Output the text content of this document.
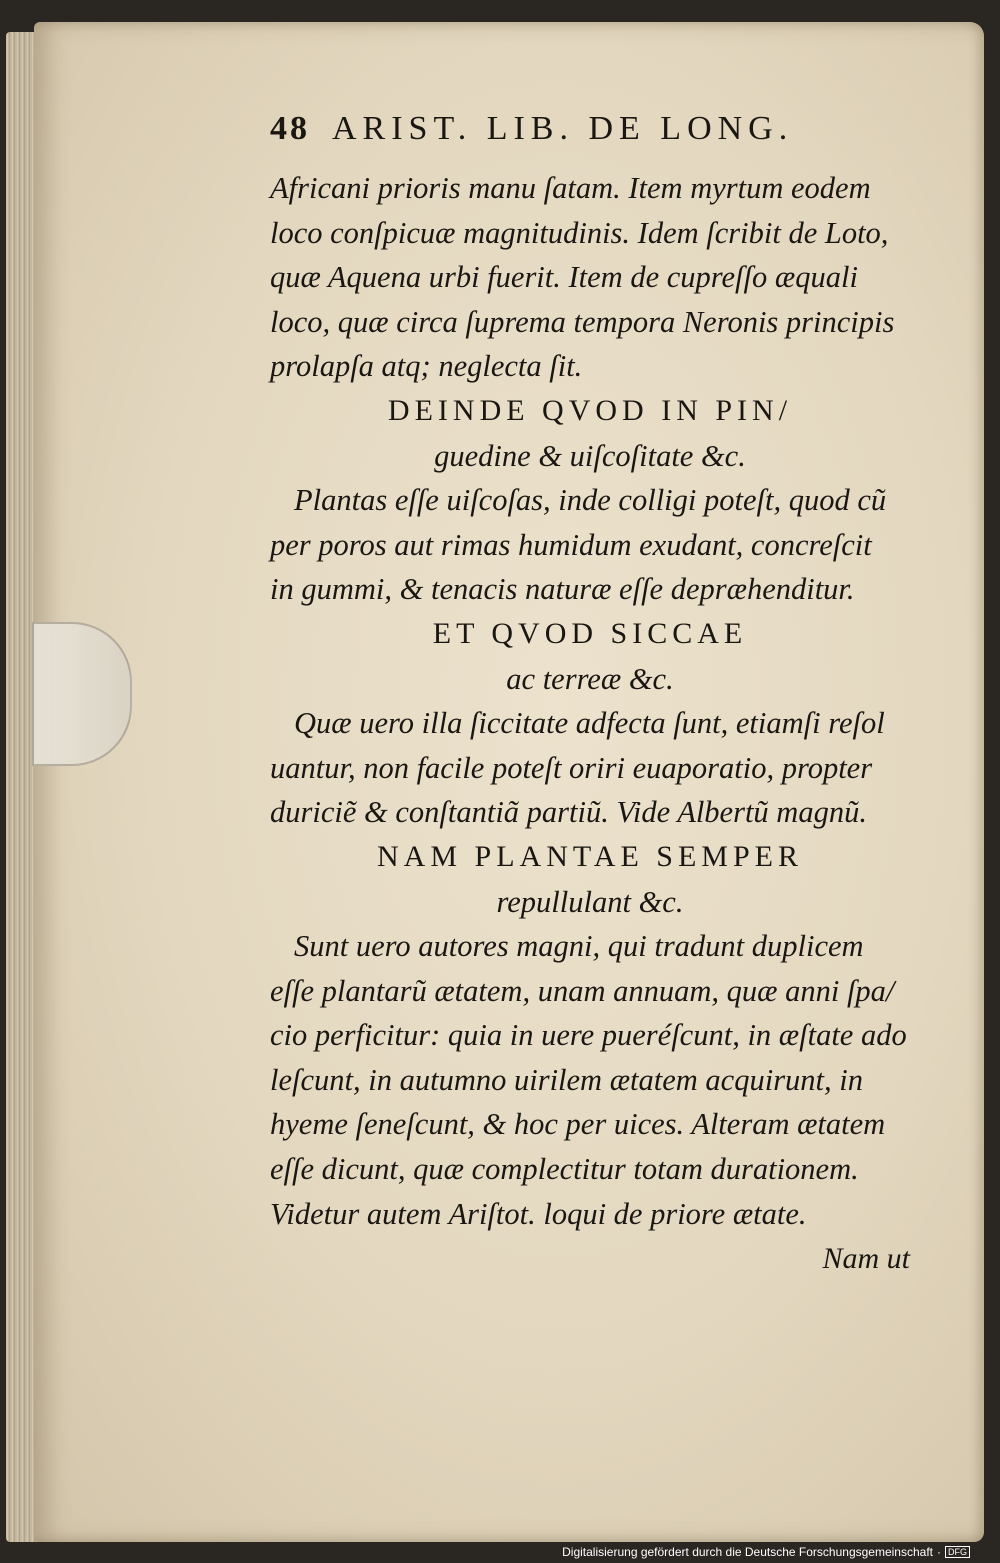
48 ARIST. LIB. DE LONG.
Africani prioris manu ſatam. Item myrtum eodem
loco conſpicuæ magnitudinis. Idem ſcribit de Loto,
quæ Aquena urbi fuerit. Item de cupreſſo æquali
loco, quæ circa ſuprema tempora Neronis principis
prolapſa atq; neglecta ſit.
DEINDE QVOD IN PIN/
guedine & uiſcoſitate &c.
Plantas eſſe uiſcoſas, inde colligi poteſt, quod cũ
per poros aut rimas humidum exudant, concreſcit
in gummi, & tenacis naturæ eſſe depræhenditur.
ET QVOD SICCAE
ac terreæ &c.
Quæ uero illa ſiccitate adfecta ſunt, etiamſi reſol
uantur, non facile poteſt oriri euaporatio, propter
duriciẽ & conſtantiã partiũ. Vide Albertũ magnũ.
NAM PLANTAE SEMPER
repullulant &c.
Sunt uero autores magni, qui tradunt duplicem
eſſe plantarũ ætatem, unam annuam, quæ anni ſpa/
cio perficitur: quia in uere pueréſcunt, in æſtate ado
leſcunt, in autumno uirilem ætatem acquirunt, in
hyeme ſeneſcunt, & hoc per uices. Alteram ætatem
eſſe dicunt, quæ complectitur totam durationem.
Videtur autem Ariſtot. loqui de priore ætate.
Nam ut
Digitalisierung gefördert durch die Deutsche Forschungsgemeinschaft · DFG
